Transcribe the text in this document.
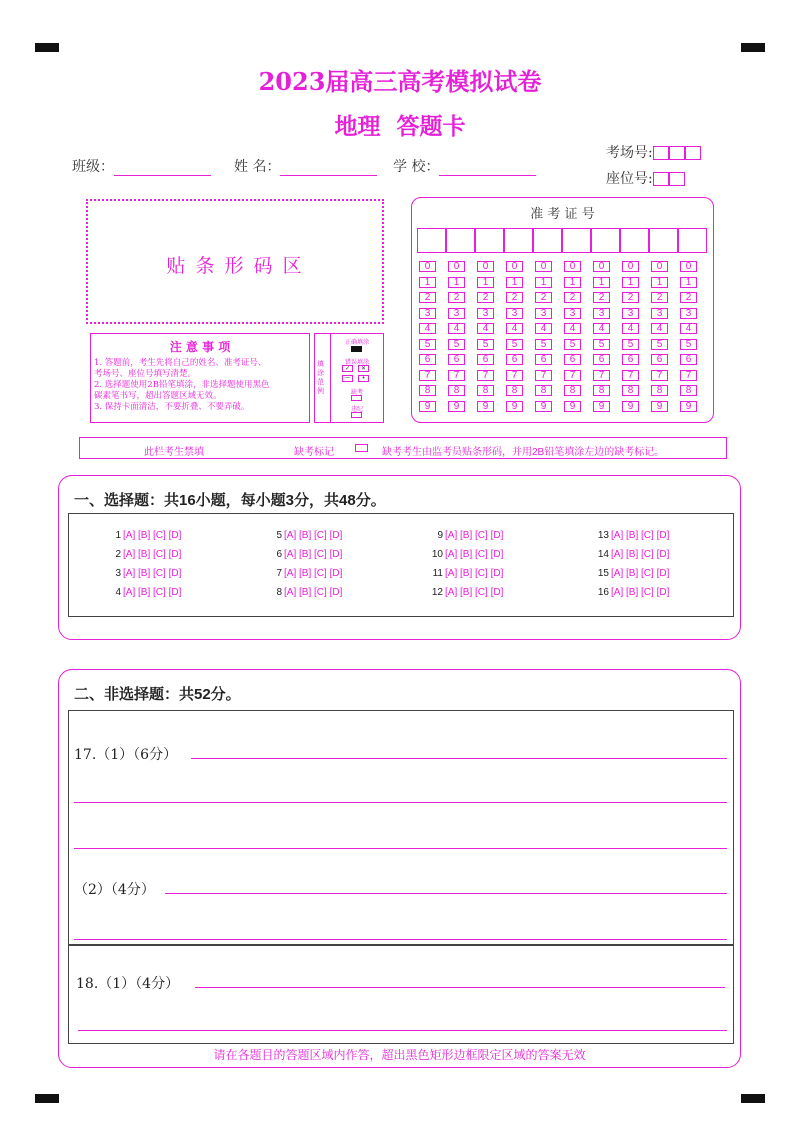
2023届高三高考模拟试卷
地理  答题卡
班级：	姓 名：	学 校：
考场号:
座位号:
贴 条 形 码 区
准 考 证 号
0	0	0	0	0	0	0	0	0	0
1	1	1	1	1	1	1	1	1	1
2	2	2	2	2	2	2	2	2	2
3	3	3	3	3	3	3	3	3	3
4	4	4	4	4	4	4	4	4	4
5	5	5	5	5	5	5	5	5	5
6	6	6	6	6	6	6	6	6	6
7	7	7	7	7	7	7	7	7	7
8	8	8	8	8	8	8	8	8	8
9	9	9	9	9	9	9	9	9	9
注 意 事 项
1. 答题前，考生先将自己的姓名、准考证号、
考场号、座位号填写清楚。
2. 选择题使用2B铅笔填涂，非选择题使用黑色
碳素笔书写，超出答题区域无效。
3. 保持卡面清洁，不要折叠、不要弄破。
填涂范例
正确填涂
错误填涂
✓	✕
—	•
缺考
违纪
此栏考生禁填	缺考标记	缺考考生由监考员贴条形码，并用2B铅笔填涂左边的缺考标记。
一、选择题：共16小题，每小题3分，共48分。
1 [A] [B] [C] [D]
2 [A] [B] [C] [D]
3 [A] [B] [C] [D]
4 [A] [B] [C] [D]
5 [A] [B] [C] [D]
6 [A] [B] [C] [D]
7 [A] [B] [C] [D]
8 [A] [B] [C] [D]
9 [A] [B] [C] [D]
10 [A] [B] [C] [D]
11 [A] [B] [C] [D]
12 [A] [B] [C] [D]
13 [A] [B] [C] [D]
14 [A] [B] [C] [D]
15 [A] [B] [C] [D]
16 [A] [B] [C] [D]
二、非选择题：共52分。
17.（1）（6分）
（2）（4分）
18.（1）（4分）
请在各题目的答题区域内作答，超出黑色矩形边框限定区域的答案无效
